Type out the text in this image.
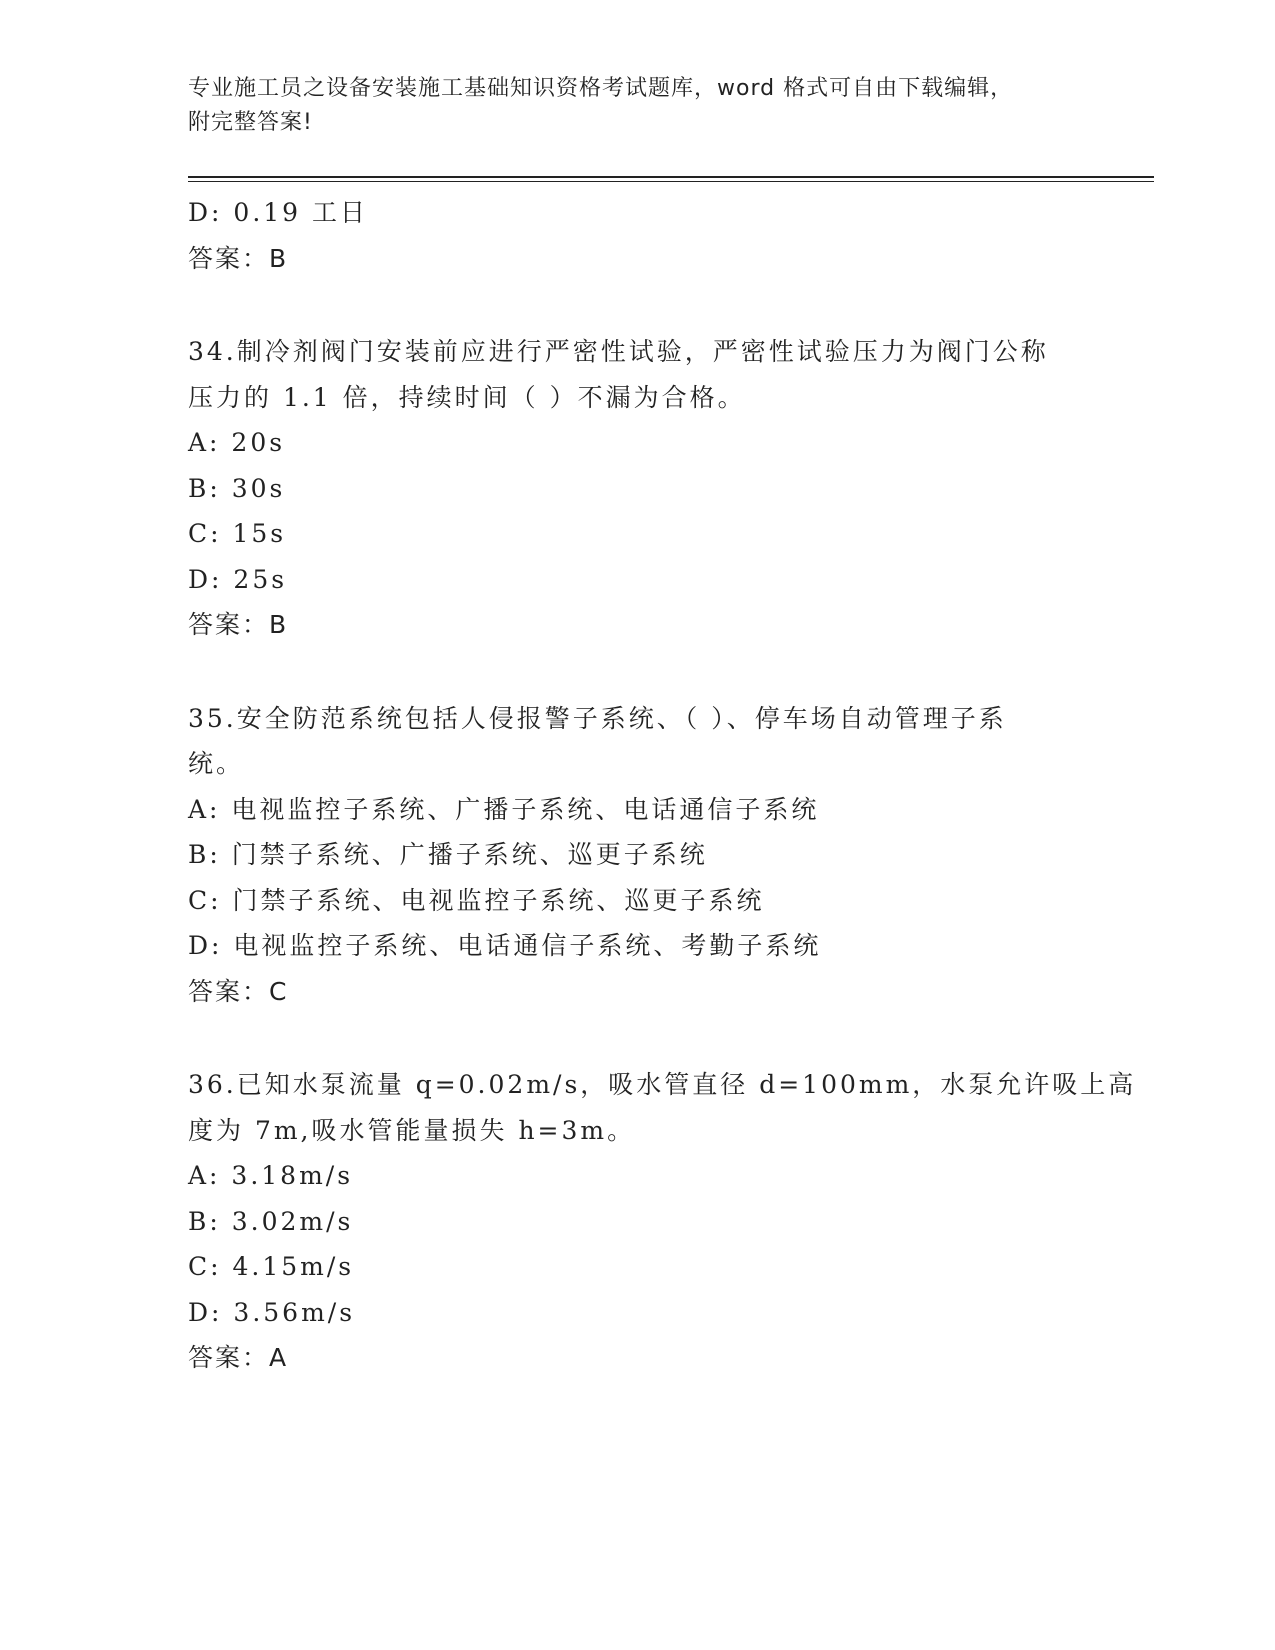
专业施工员之设备安装施工基础知识资格考试题库，word 格式可自由下载编辑，
附完整答案!
D: 0.19 工日
答案：B
34.制冷剂阀门安装前应进行严密性试验，严密性试验压力为阀门公称
压力的 1.1 倍，持续时间（ ）不漏为合格。
A: 20s
B: 30s
C: 15s
D: 25s
答案：B
35.安全防范系统包括人侵报警子系统、（ ）、停车场自动管理子系
统。
A: 电视监控子系统、广播子系统、电话通信子系统
B: 门禁子系统、广播子系统、巡更子系统
C: 门禁子系统、电视监控子系统、巡更子系统
D: 电视监控子系统、电话通信子系统、考勤子系统
答案：C
36.已知水泵流量 q=0.02m/s，吸水管直径 d=100mm，水泵允许吸上高
度为 7m,吸水管能量损失 h=3m。
A: 3.18m/s
B: 3.02m/s
C: 4.15m/s
D: 3.56m/s
答案：A
